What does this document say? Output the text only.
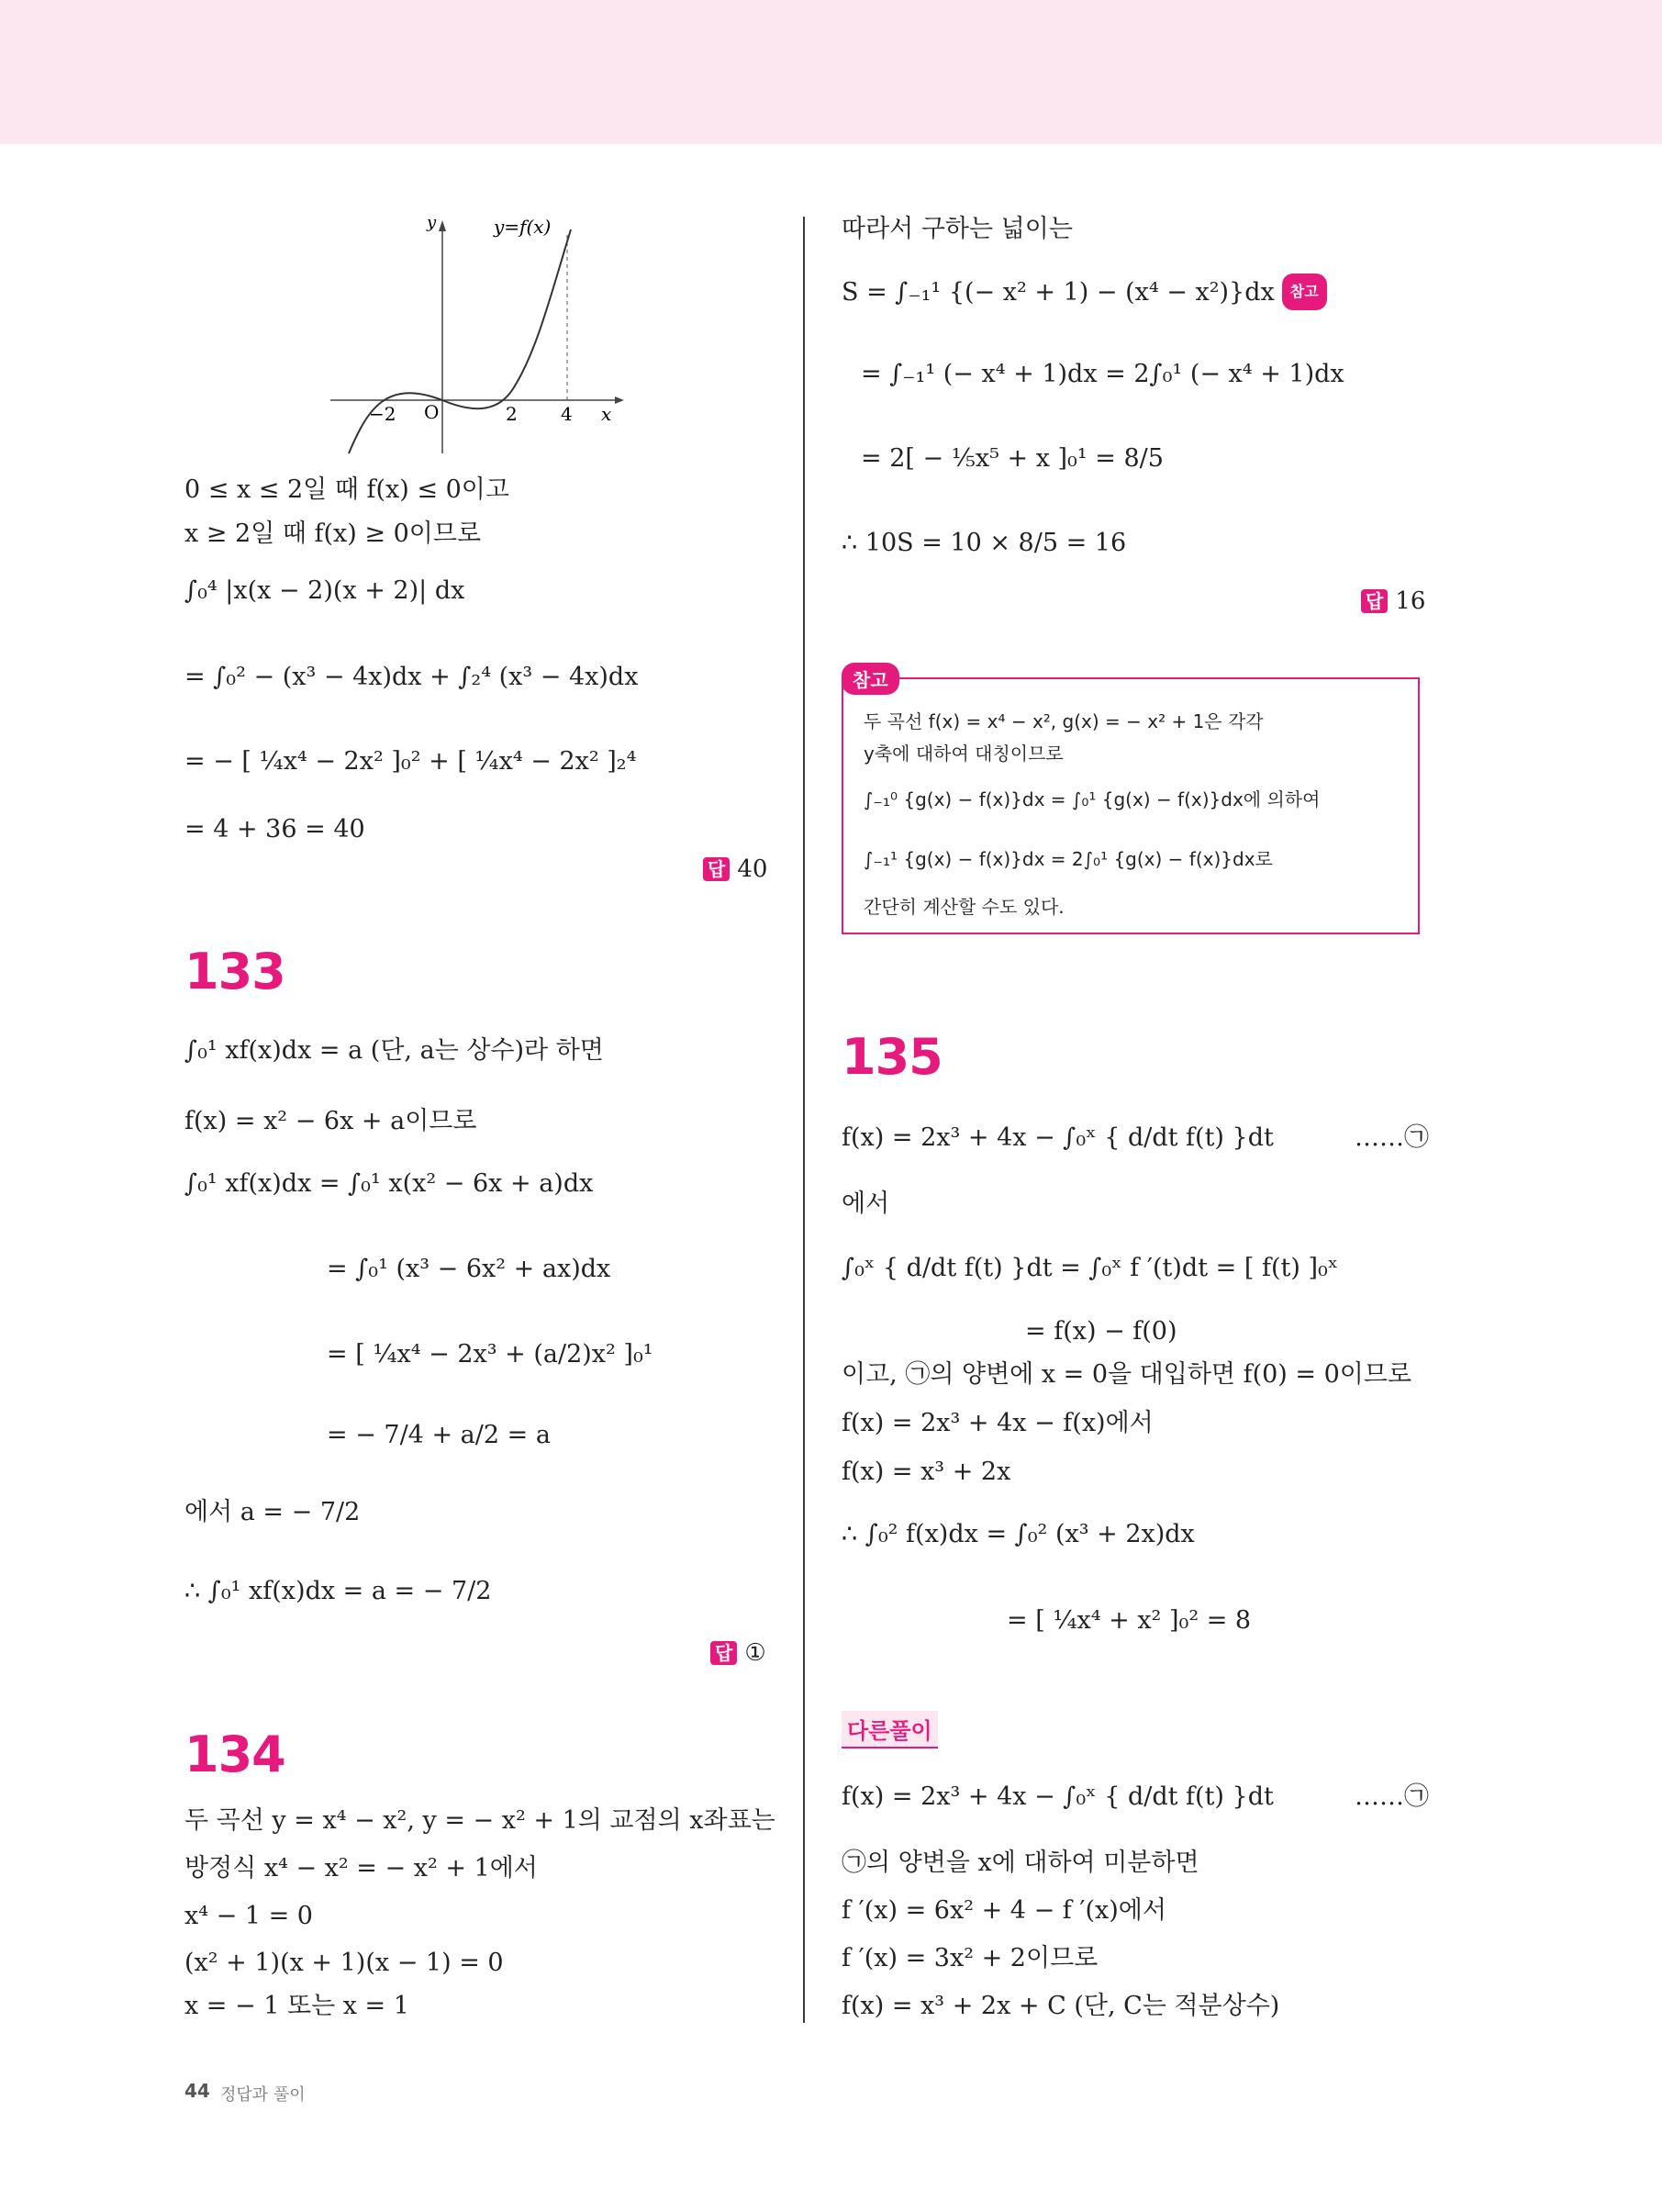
y	y=f(x)
x
−2 O	2 4
0 ≤ x ≤ 2일 때 f(x) ≤ 0이고
x ≥ 2일 때 f(x) ≥ 0이므로
∫₀⁴ |x(x − 2)(x + 2)| dx
= ∫₀² − (x³ − 4x)dx + ∫₂⁴ (x³ − 4x)dx
= − [ ¼x⁴ − 2x² ]₀² + [ ¼x⁴ − 2x² ]₂⁴
= 4 + 36 = 40
답 40
133
∫₀¹ xf(x)dx = a (단, a는 상수)라 하면
f(x) = x² − 6x + a이므로
∫₀¹ xf(x)dx = ∫₀¹ x(x² − 6x + a)dx
= ∫₀¹ (x³ − 6x² + ax)dx
= [ ¼x⁴ − 2x³ + (a/2)x² ]₀¹
= − 7/4 + a/2 = a
에서 a = − 7/2
∴ ∫₀¹ xf(x)dx = a = − 7/2
답 ①
134
두 곡선 y = x⁴ − x², y = − x² + 1의 교점의 x좌표는
방정식 x⁴ − x² = − x² + 1에서
x⁴ − 1 = 0
(x² + 1)(x + 1)(x − 1) = 0
x = − 1 또는 x = 1
따라서 구하는 넓이는
S = ∫₋₁¹ {(− x² + 1) − (x⁴ − x²)}dx 참고
= ∫₋₁¹ (− x⁴ + 1)dx = 2∫₀¹ (− x⁴ + 1)dx
= 2[ − ⅕x⁵ + x ]₀¹ = 8/5
∴ 10S = 10 × 8/5 = 16
답 16
참고
두 곡선 f(x) = x⁴ − x², g(x) = − x² + 1은 각각
y축에 대하여 대칭이므로
∫₋₁⁰ {g(x) − f(x)}dx = ∫₀¹ {g(x) − f(x)}dx에 의하여
∫₋₁¹ {g(x) − f(x)}dx = 2∫₀¹ {g(x) − f(x)}dx로
간단히 계산할 수도 있다.
135
f(x) = 2x³ + 4x − ∫₀ˣ { d/dt f(t) }dt	……㉠
에서
∫₀ˣ { d/dt f(t) }dt = ∫₀ˣ f ′(t)dt = [ f(t) ]₀ˣ
= f(x) − f(0)
이고, ㉠의 양변에 x = 0을 대입하면 f(0) = 0이므로
f(x) = 2x³ + 4x − f(x)에서
f(x) = x³ + 2x
∴ ∫₀² f(x)dx = ∫₀² (x³ + 2x)dx
= [ ¼x⁴ + x² ]₀² = 8
다른풀이
f(x) = 2x³ + 4x − ∫₀ˣ { d/dt f(t) }dt	……㉠
㉠의 양변을 x에 대하여 미분하면
f ′(x) = 6x² + 4 − f ′(x)에서
f ′(x) = 3x² + 2이므로
f(x) = x³ + 2x + C (단, C는 적분상수)
44 정답과 풀이
